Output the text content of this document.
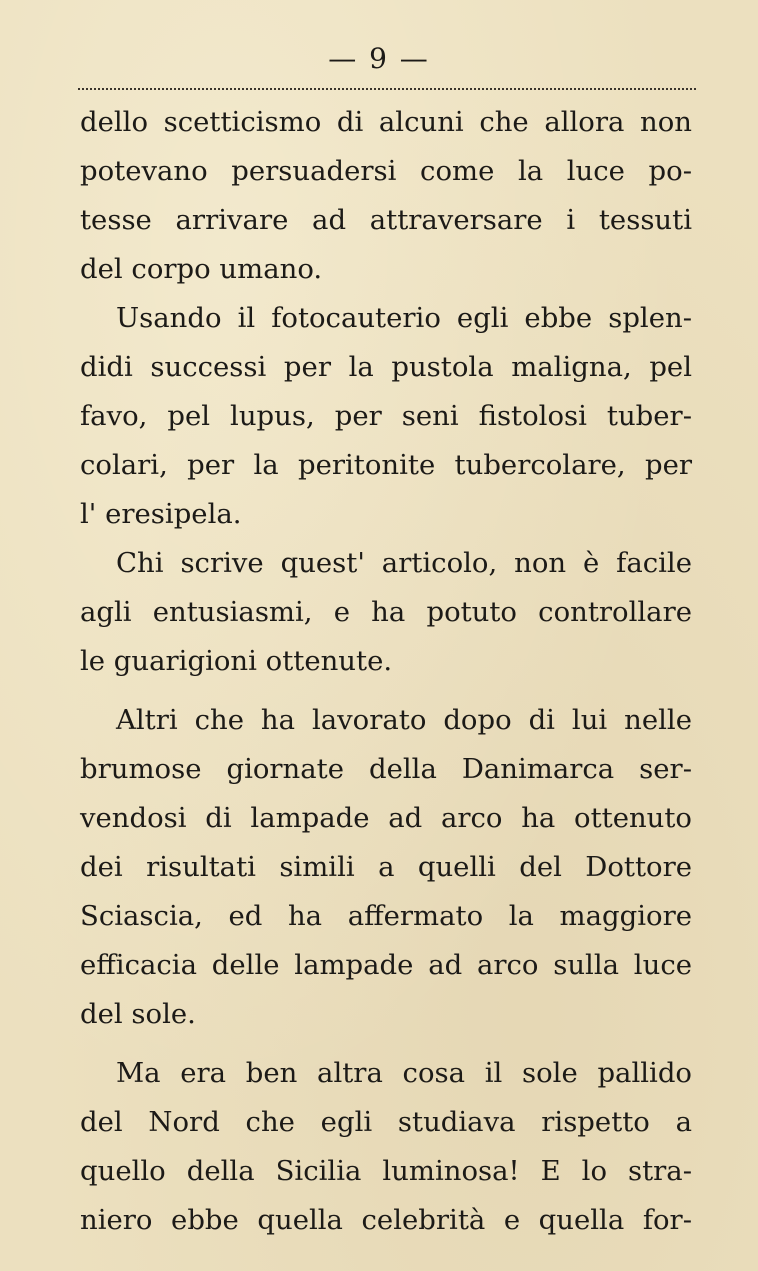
— 9 —
dello scetticismo di alcuni che allora non
potevano persuadersi come la luce po-
tesse arrivare ad attraversare i tessuti
del corpo umano.
Usando il fotocauterio egli ebbe splen-
didi successi per la pustola maligna, pel
favo, pel lupus, per seni fistolosi tuber-
colari, per la peritonite tubercolare, per
l' eresipela.
Chi scrive quest' articolo, non è facile
agli entusiasmi, e ha potuto controllare
le guarigioni ottenute.
Altri che ha lavorato dopo di lui nelle
brumose giornate della Danimarca ser-
vendosi di lampade ad arco ha ottenuto
dei risultati simili a quelli del Dottore
Sciascia, ed ha affermato la maggiore
efficacia delle lampade ad arco sulla luce
del sole.
Ma era ben altra cosa il sole pallido
del Nord che egli studiava rispetto a
quello della Sicilia luminosa! E lo stra-
niero ebbe quella celebrità e quella for-
